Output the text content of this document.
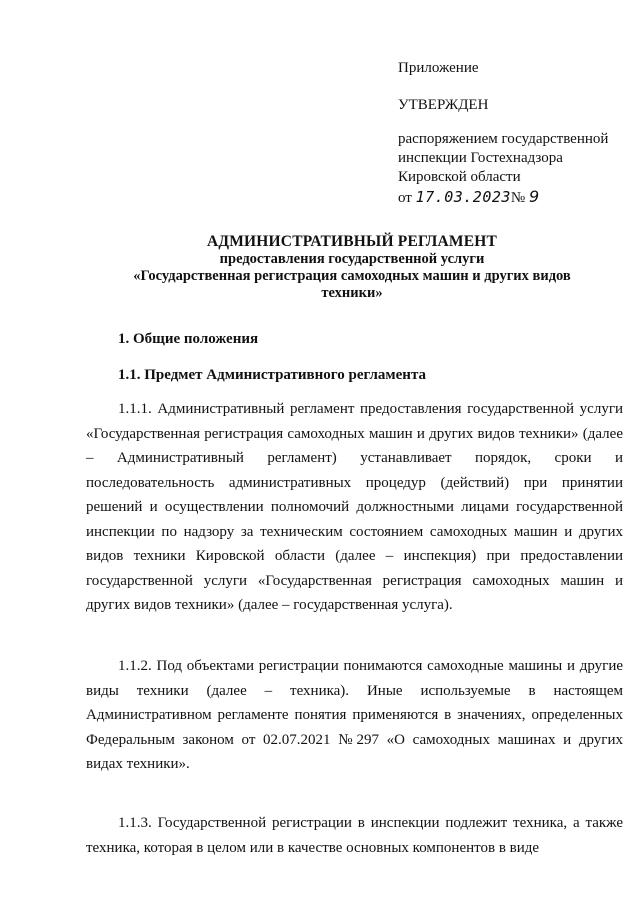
Приложение
УТВЕРЖДЕН
распоряжением государственной
инспекции Гостехнадзора
Кировской области
от 17.03.2023№ 9
АДМИНИСТРАТИВНЫЙ РЕГЛАМЕНТ
предоставления государственной услуги
«Государственная регистрация самоходных машин и других видов
техники»
1. Общие положения
1.1. Предмет Административного регламента
1.1.1. Административный регламент предоставления государственной услуги «Государственная регистрация самоходных машин и других видов техники» (далее – Административный регламент) устанавливает порядок, сроки и последовательность административных процедур (действий) при принятии решений и осуществлении полномочий должностными лицами государственной инспекции по надзору за техническим состоянием самоходных машин и других видов техники Кировской области (далее – инспекция) при предоставлении государственной услуги «Государственная регистрация самоходных машин и других видов техники» (далее – государственная услуга).
1.1.2. Под объектами регистрации понимаются самоходные машины и другие виды техники (далее – техника). Иные используемые в настоящем Административном регламенте понятия применяются в значениях, определенных Федеральным законом от 02.07.2021 №297 «О самоходных машинах и других видах техники».
1.1.3. Государственной регистрации в инспекции подлежит техника, а также техника, которая в целом или в качестве основных компонентов в виде
